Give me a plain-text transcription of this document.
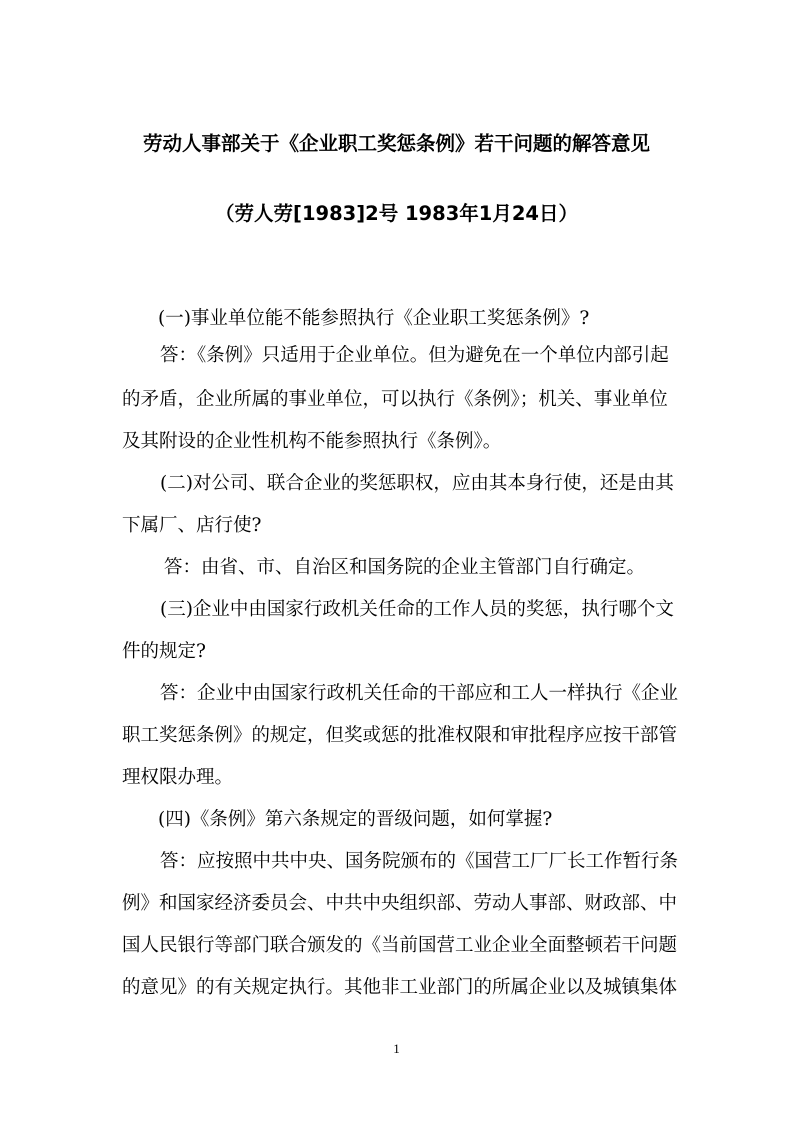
劳动人事部关于《企业职工奖惩条例》若干问题的解答意见
（劳人劳[1983]2号 1983年1月24日）
(一)事业单位能不能参照执行《企业职工奖惩条例》?
答：《条例》只适用于企业单位。但为避免在一个单位内部引起
的矛盾，企业所属的事业单位，可以执行《条例》；机关、事业单位
及其附设的企业性机构不能参照执行《条例》。
(二)对公司、联合企业的奖惩职权，应由其本身行使，还是由其
下属厂、店行使?
答：由省、市、自治区和国务院的企业主管部门自行确定。
(三)企业中由国家行政机关任命的工作人员的奖惩，执行哪个文
件的规定?
答：企业中由国家行政机关任命的干部应和工人一样执行《企业
职工奖惩条例》的规定，但奖或惩的批准权限和审批程序应按干部管
理权限办理。
(四)《条例》第六条规定的晋级问题，如何掌握?
答：应按照中共中央、国务院颁布的《国营工厂厂长工作暂行条
例》和国家经济委员会、中共中央组织部、劳动人事部、财政部、中
国人民银行等部门联合颁发的《当前国营工业企业全面整顿若干问题
的意见》的有关规定执行。其他非工业部门的所属企业以及城镇集体
1
